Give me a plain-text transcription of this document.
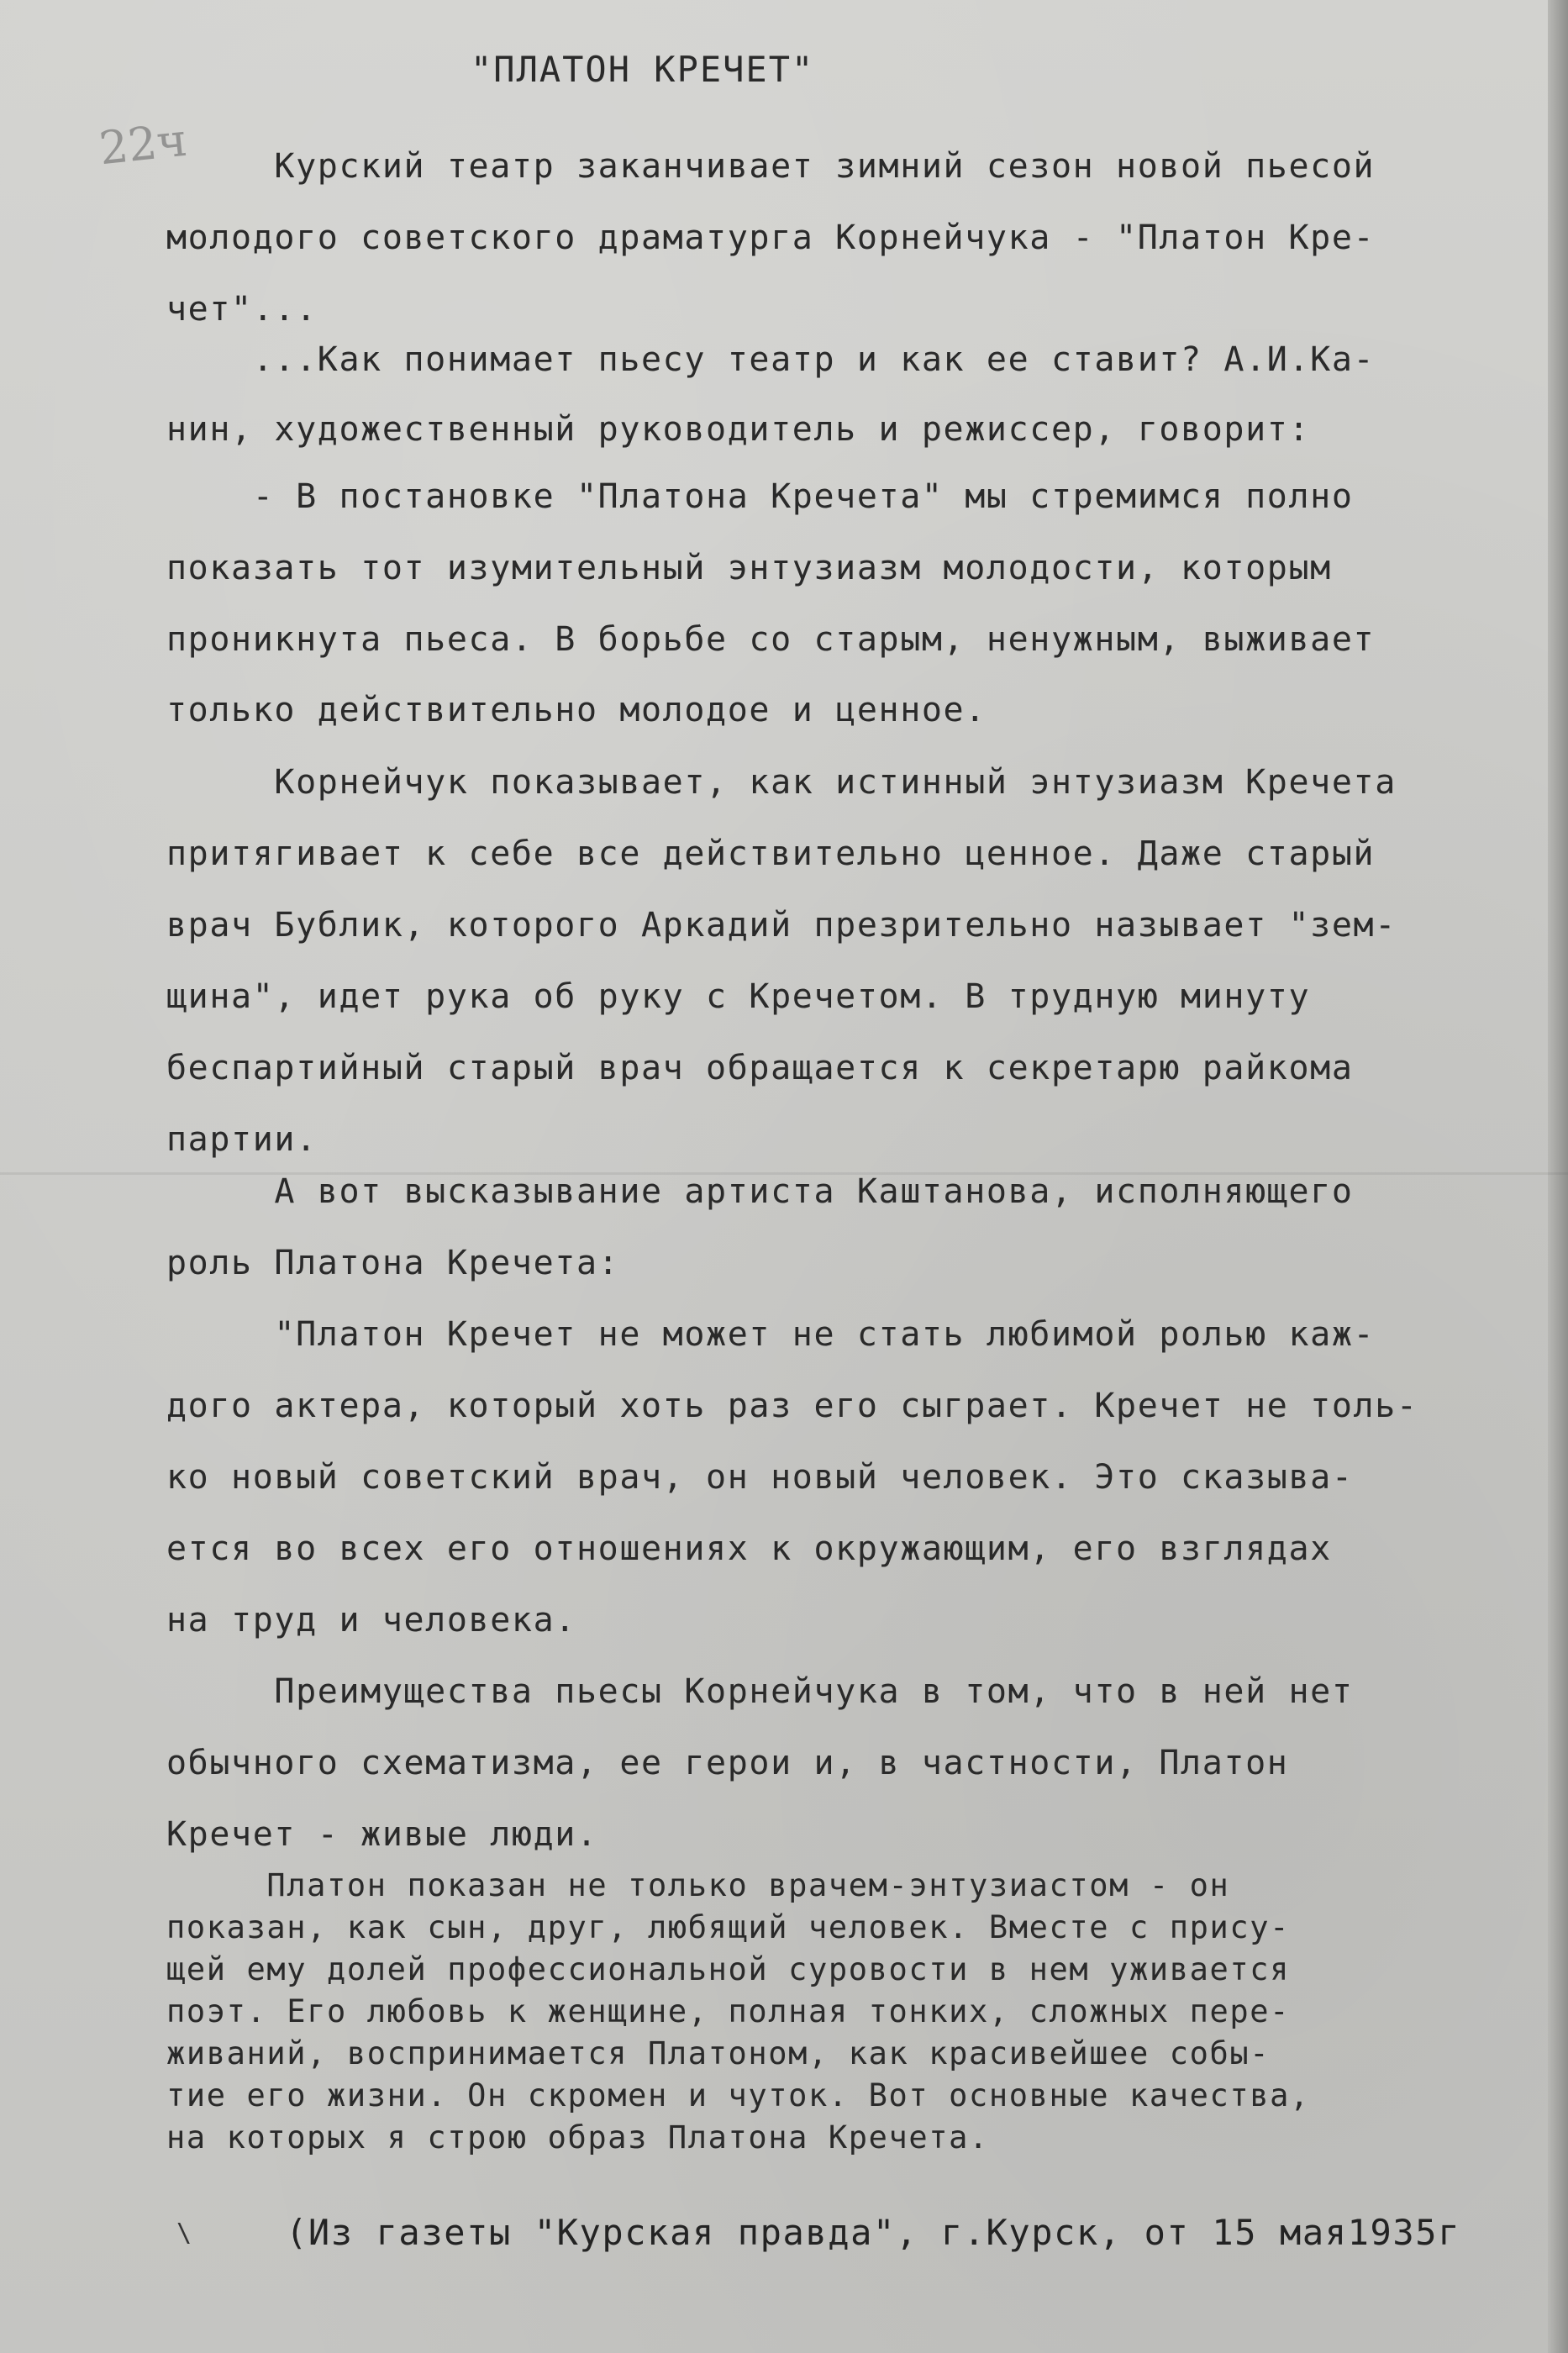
"ПЛАТОН КРЕЧЕТ"

22ч

Курский театр заканчивает зимний сезон новой пьесой
молодого советского драматурга Корнейчука - "Платон Кре-
чет"...
...Как понимает пьесу театр и как ее ставит? А.И.Ка-
нин, художественный руководитель и режиссер, говорит:
- В постановке "Платона Кречета" мы стремимся полно
показать тот изумительный энтузиазм молодости, которым
проникнута пьеса. В борьбе со старым, ненужным, выживает
только действительно молодое и ценное.
Корнейчук показывает, как истинный энтузиазм Кречета
притягивает к себе все действительно ценное. Даже старый
врач Бублик, которого Аркадий презрительно называет "зем-
щина", идет рука об руку с Кречетом. В трудную минуту
беспартийный старый врач обращается к секретарю райкома
партии.
А вот высказывание артиста Каштанова, исполняющего
роль Платона Кречета:
"Платон Кречет не может не стать любимой ролью каж-
дого актера, который хоть раз его сыграет. Кречет не толь-
ко новый советский врач, он новый человек. Это сказыва-
ется во всех его отношениях к окружающим, его взглядах
на труд и человека.
Преимущества пьесы Корнейчука в том, что в ней нет
обычного схематизма, ее герои и, в частности, Платон
Кречет - живые люди.
Платон показан не только врачем-энтузиастом - он
показан, как сын, друг, любящий человек. Вместе с прису-
щей ему долей профессиональной суровости в нем уживается
поэт. Его любовь к женщине, полная тонких, сложных пере-
живаний, воспринимается Платоном, как красивейшее собы-
тие его жизни. Он скромен и чуток. Вот основные качества,
на которых я строю образ Платона Кречета.
\	(Из газеты "Курская правда", г.Курск, от 15 мая1935г
